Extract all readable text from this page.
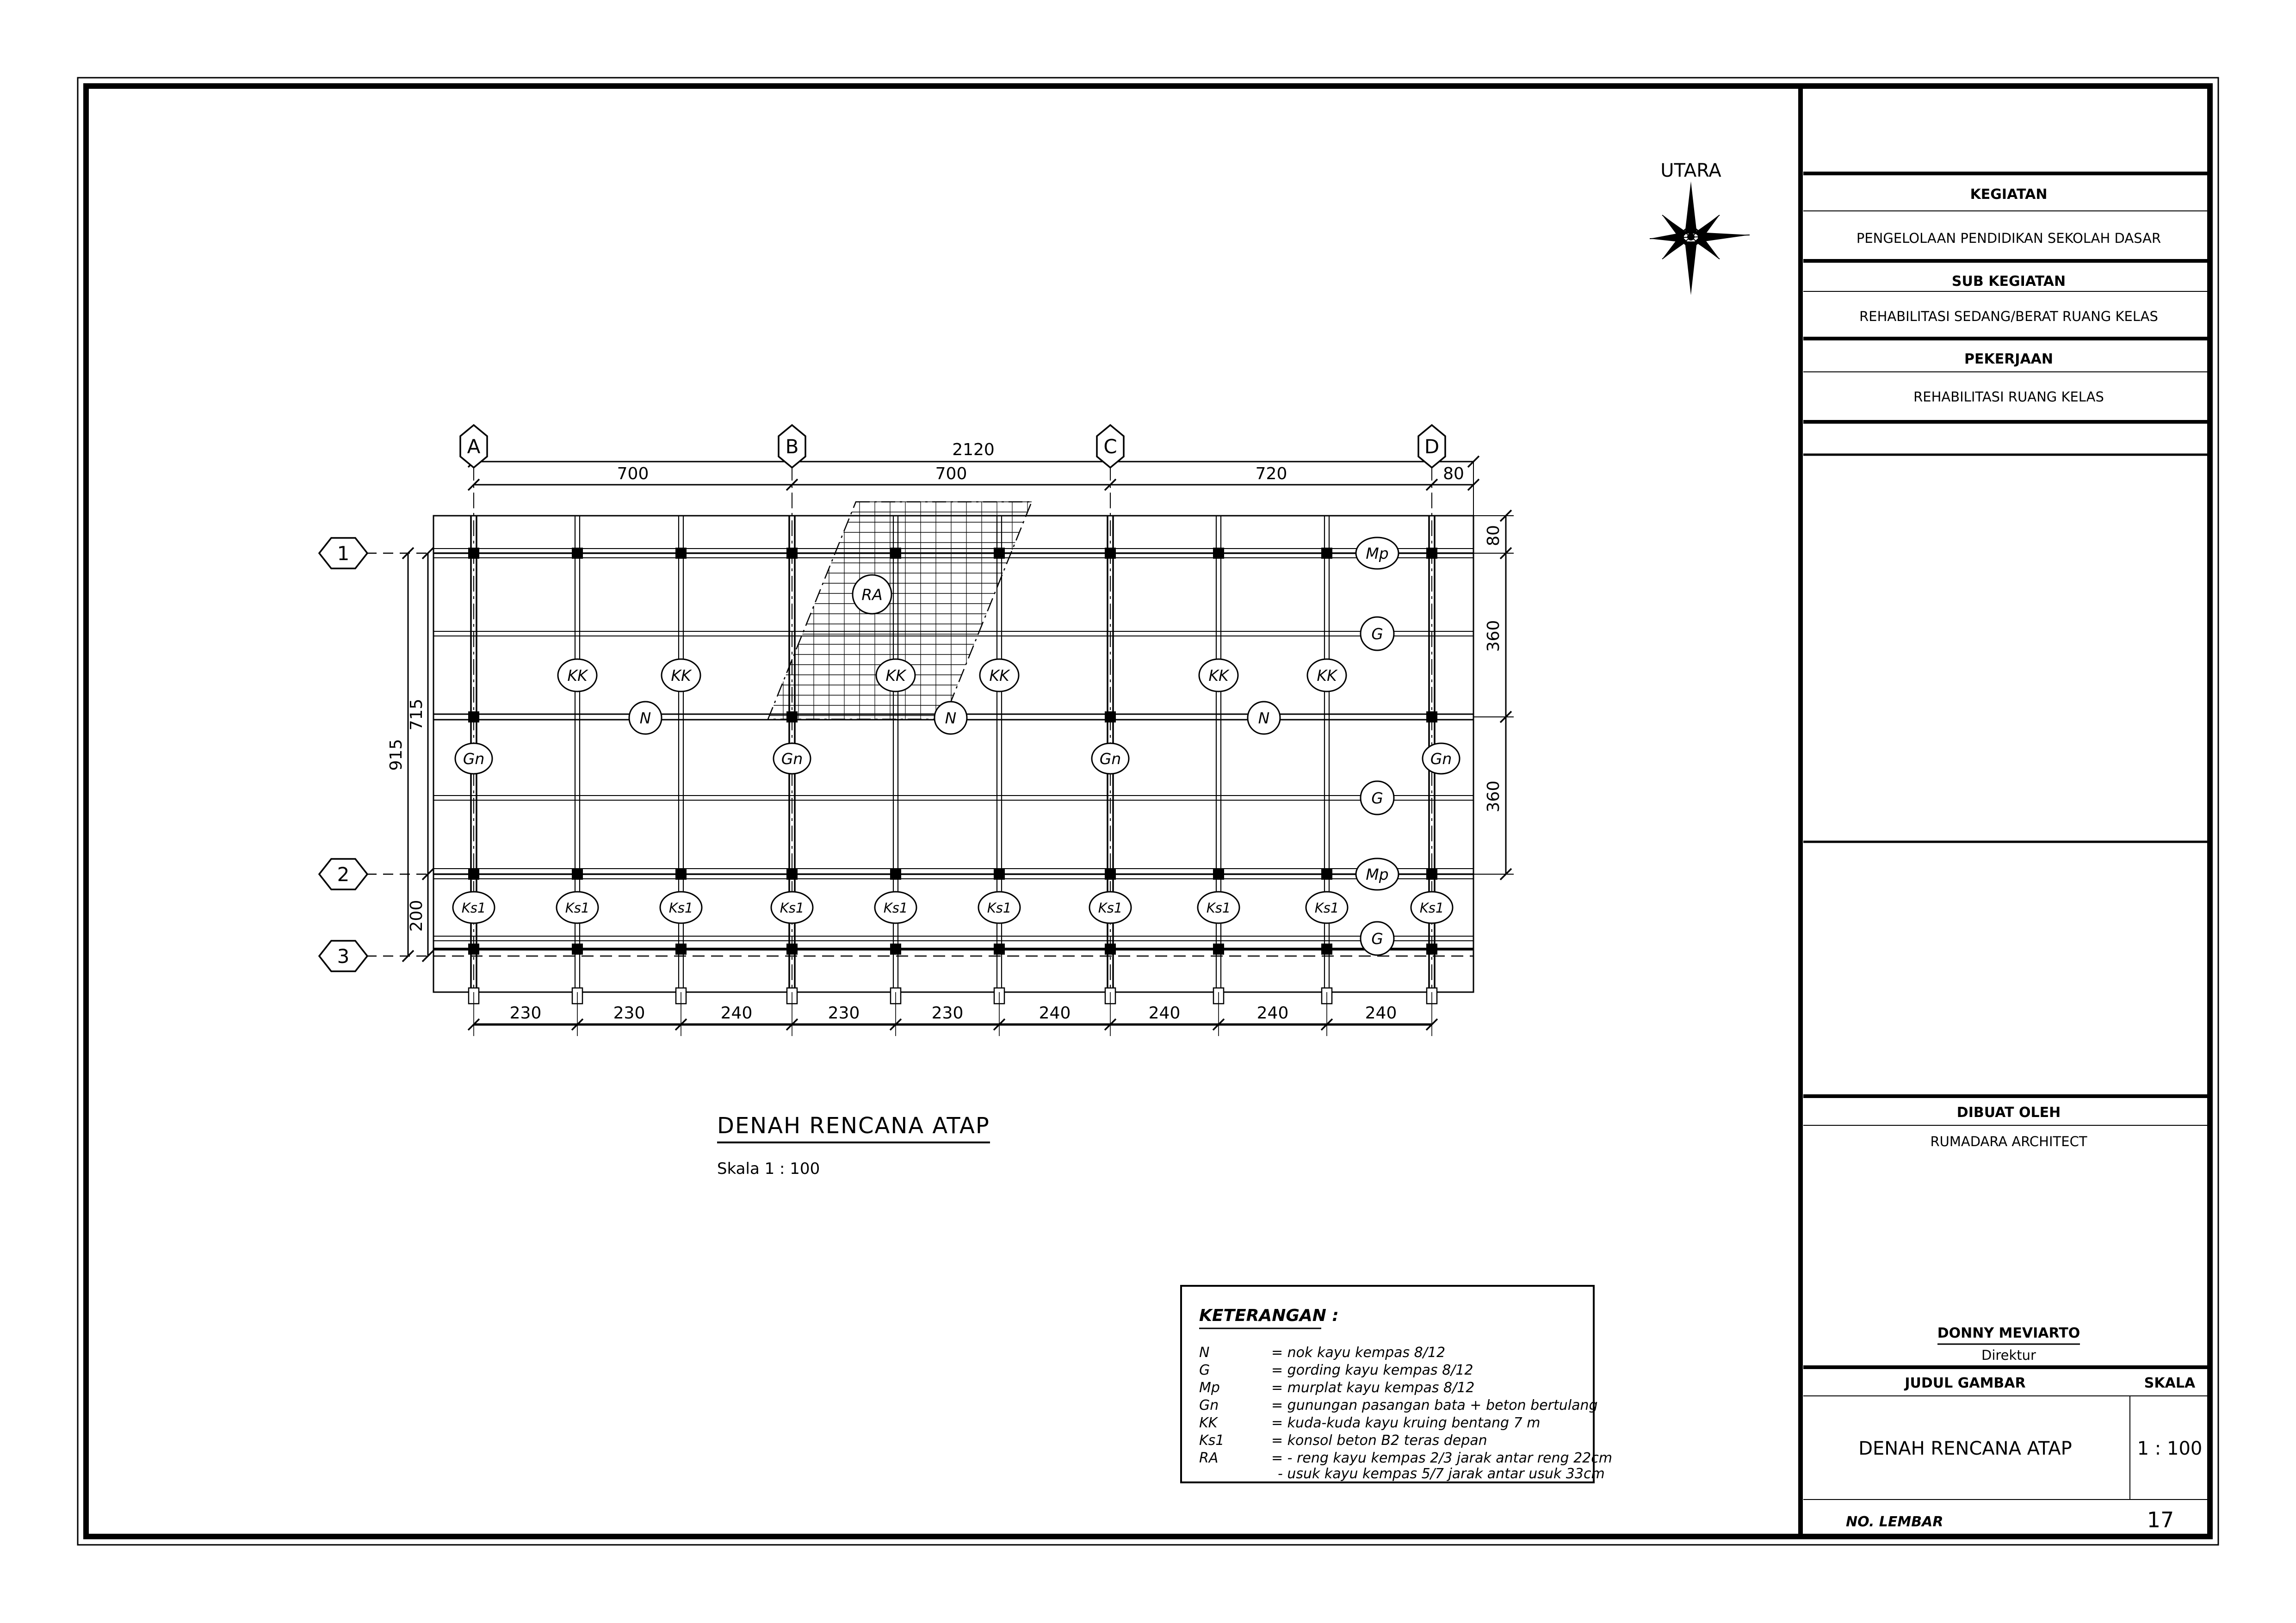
KEGIATAN
PENGELOLAAN PENDIDIKAN SEKOLAH DASAR
SUB KEGIATAN
REHABILITASI SEDANG/BERAT RUANG KELAS
PEKERJAAN
REHABILITASI RUANG KELAS
DIBUAT OLEH
RUMADARA ARCHITECT
DONNY MEVIARTO
Direktur
JUDUL GAMBAR	SKALA
DENAH RENCANA ATAP	1 : 100
NO. LEMBAR	17
UTARA
A	B	C	D
1
2
3
2120
700	700	720	80
230	230	240	230	230	240	240	240	240
915
715
200
80
360
360
RA
KK	KK	KK	KK	KK	KK
N	N	N
Gn	Gn	Gn	Gn
Mp
Mp
G
G
G
Ks1	Ks1	Ks1	Ks1	Ks1	Ks1	Ks1	Ks1	Ks1	Ks1
DENAH RENCANA ATAP
Skala 1 : 100
KETERANGAN :
N	= nok kayu kempas 8/12
G	= gording kayu kempas 8/12
Mp	= murplat kayu kempas 8/12
Gn	= gunungan pasangan bata + beton bertulang
KK	= kuda-kuda kayu kruing bentang 7 m
Ks1	= konsol beton B2 teras depan
RA	= - reng kayu kempas 2/3 jarak antar reng 22cm
- usuk kayu kempas 5/7 jarak antar usuk 33cm
